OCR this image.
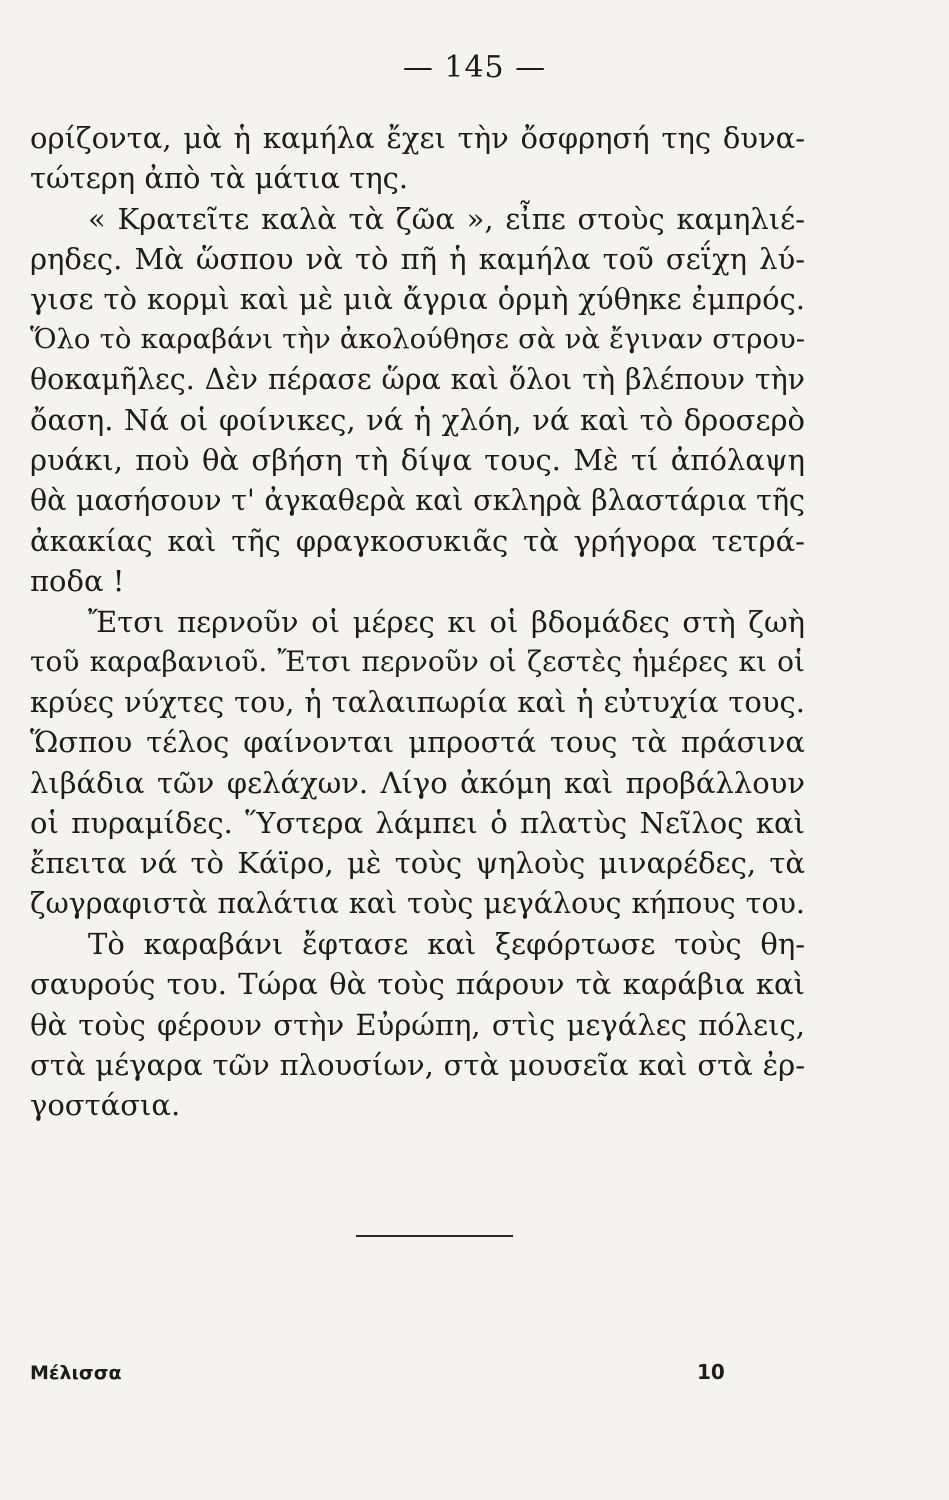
— 145 —
ορίζοντα, μὰ ἡ καμήλα ἔχει τὴν ὄσφρησή της δυνα-
τώτερη ἀπὸ τὰ μάτια της.
« Κρατεῖτε καλὰ τὰ ζῶα », εἶπε στοὺς καμηλιέ-
ρηδες. Μὰ ὥσπου νὰ τὸ πῆ ἡ καμήλα τοῦ σεΐχη λύ-
γισε τὸ κορμὶ καὶ μὲ μιὰ ἄγρια ὁρμὴ χύθηκε ἐμπρός.
Ὅλο τὸ καραβάνι τὴν ἀκολούθησε σὰ νὰ ἔγιναν στρου-
θοκαμῆλες. Δὲν πέρασε ὥρα καὶ ὅλοι τὴ βλέπουν τὴν
ὄαση. Νά οἱ φοίνικες, νά ἡ χλόη, νά καὶ τὸ δροσερὸ
ρυάκι, ποὺ θὰ σβήση τὴ δίψα τους. Μὲ τί ἀπόλαψη
θὰ μασήσουν τ' ἀγκαθερὰ καὶ σκληρὰ βλαστάρια τῆς
ἀκακίας καὶ τῆς φραγκοσυκιᾶς τὰ γρήγορα τετρά-
ποδα !
Ἔτσι περνοῦν οἱ μέρες κι οἱ βδομάδες στὴ ζωὴ
τοῦ καραβανιοῦ. Ἔτσι περνοῦν οἱ ζεστὲς ἡμέρες κι οἱ
κρύες νύχτες του, ἡ ταλαιπωρία καὶ ἡ εὐτυχία τους.
Ὥσπου τέλος φαίνονται μπροστά τους τὰ πράσινα
λιβάδια τῶν φελάχων. Λίγο ἀκόμη καὶ προβάλλουν
οἱ πυραμίδες. Ὕστερα λάμπει ὁ πλατὺς Νεῖλος καὶ
ἔπειτα νά τὸ Κάϊρο, μὲ τοὺς ψηλοὺς μιναρέδες, τὰ
ζωγραφιστὰ παλάτια καὶ τοὺς μεγάλους κήπους του.
Τὸ καραβάνι ἔφτασε καὶ ξεφόρτωσε τοὺς θη-
σαυρούς του. Τώρα θὰ τοὺς πάρουν τὰ καράβια καὶ
θὰ τοὺς φέρουν στὴν Εὐρώπη, στὶς μεγάλες πόλεις,
στὰ μέγαρα τῶν πλουσίων, στὰ μουσεῖα καὶ στὰ ἐρ-
γοστάσια.
Μέλισσα	10
